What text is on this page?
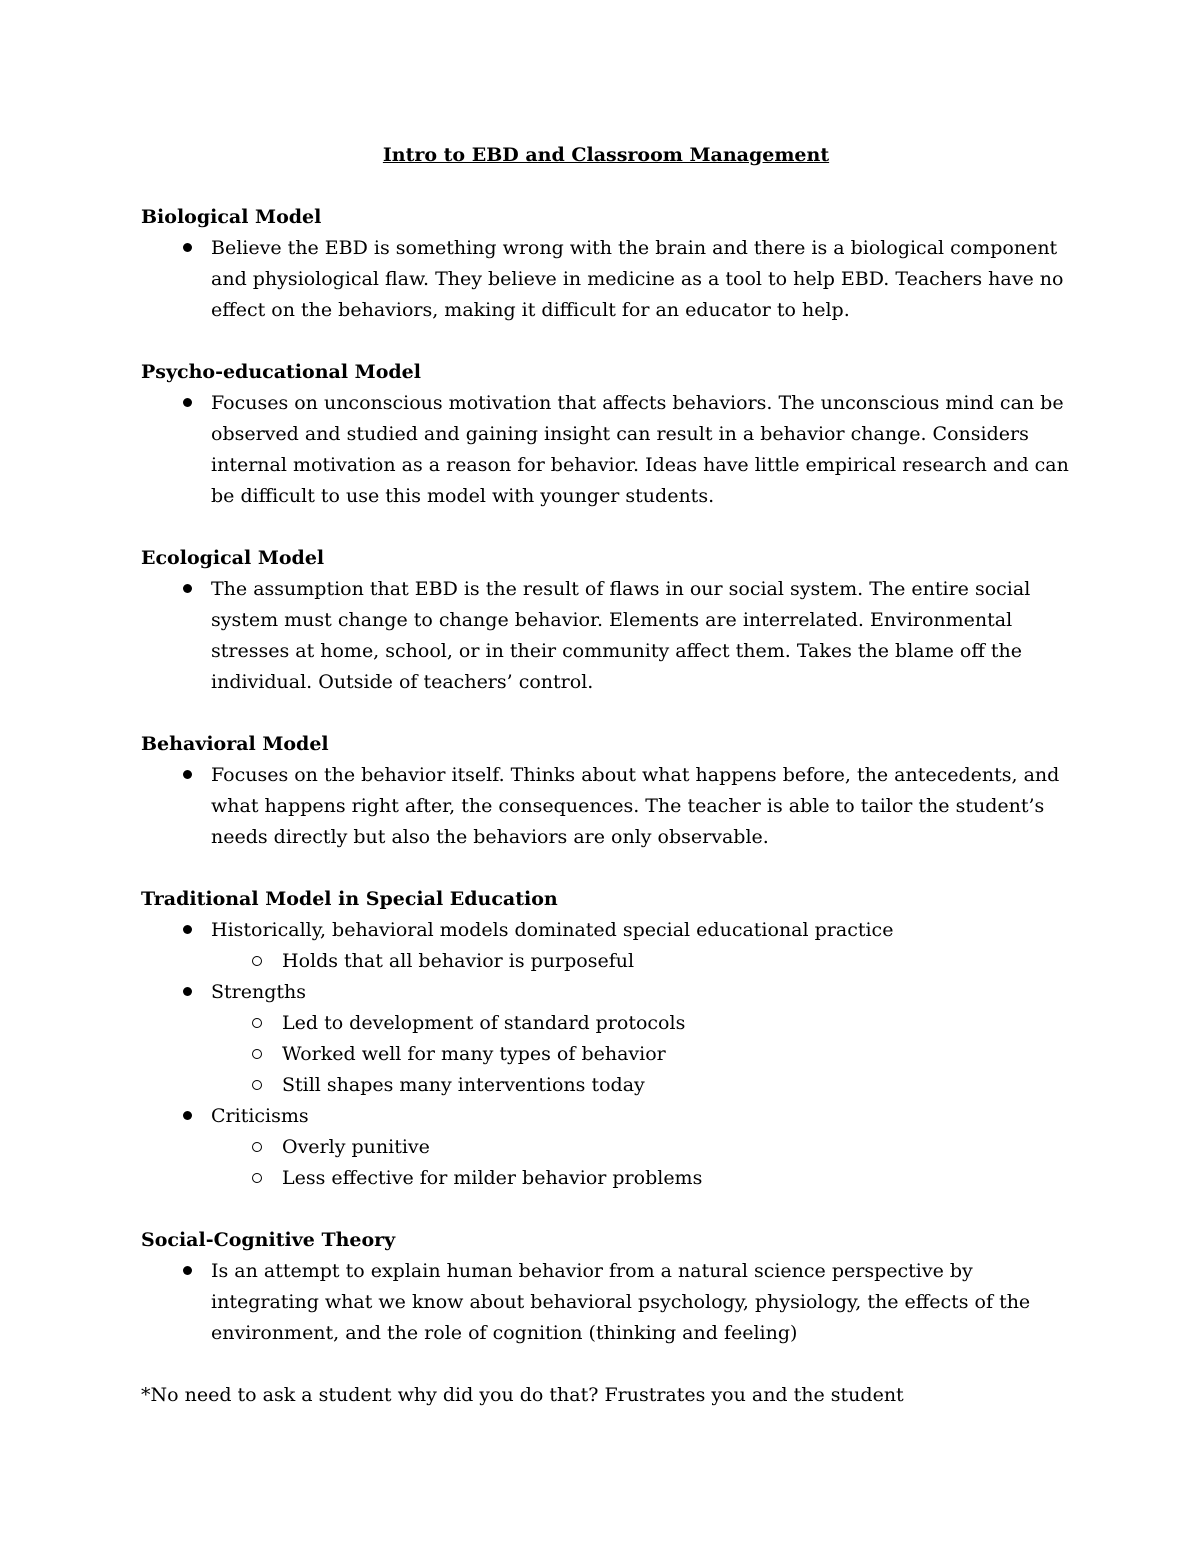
Intro to EBD and Classroom Management

Biological Model

Believe the EBD is something wrong with the brain and there is a biological component and physiological flaw. They believe in medicine as a tool to help EBD. Teachers have no effect on the behaviors, making it difficult for an educator to help.

Psycho-educational Model

Focuses on unconscious motivation that affects behaviors. The unconscious mind can be observed and studied and gaining insight can result in a behavior change. Considers internal motivation as a reason for behavior. Ideas have little empirical research and can be difficult to use this model with younger students.

Ecological Model

The assumption that EBD is the result of flaws in our social system. The entire social system must change to change behavior. Elements are interrelated. Environmental stresses at home, school, or in their community affect them. Takes the blame off the individual. Outside of teachers’ control.

Behavioral Model

Focuses on the behavior itself. Thinks about what happens before, the antecedents, and what happens right after, the consequences. The teacher is able to tailor the student’s needs directly but also the behaviors are only observable.

Traditional Model in Special Education

Historically, behavioral models dominated special educational practice
Holds that all behavior is purposeful
Strengths
Led to development of standard protocols
Worked well for many types of behavior
Still shapes many interventions today
Criticisms
Overly punitive
Less effective for milder behavior problems

Social-Cognitive Theory

Is an attempt to explain human behavior from a natural science perspective by integrating what we know about behavioral psychology, physiology, the effects of the environment, and the role of cognition (thinking and feeling)

*No need to ask a student why did you do that? Frustrates you and the student
